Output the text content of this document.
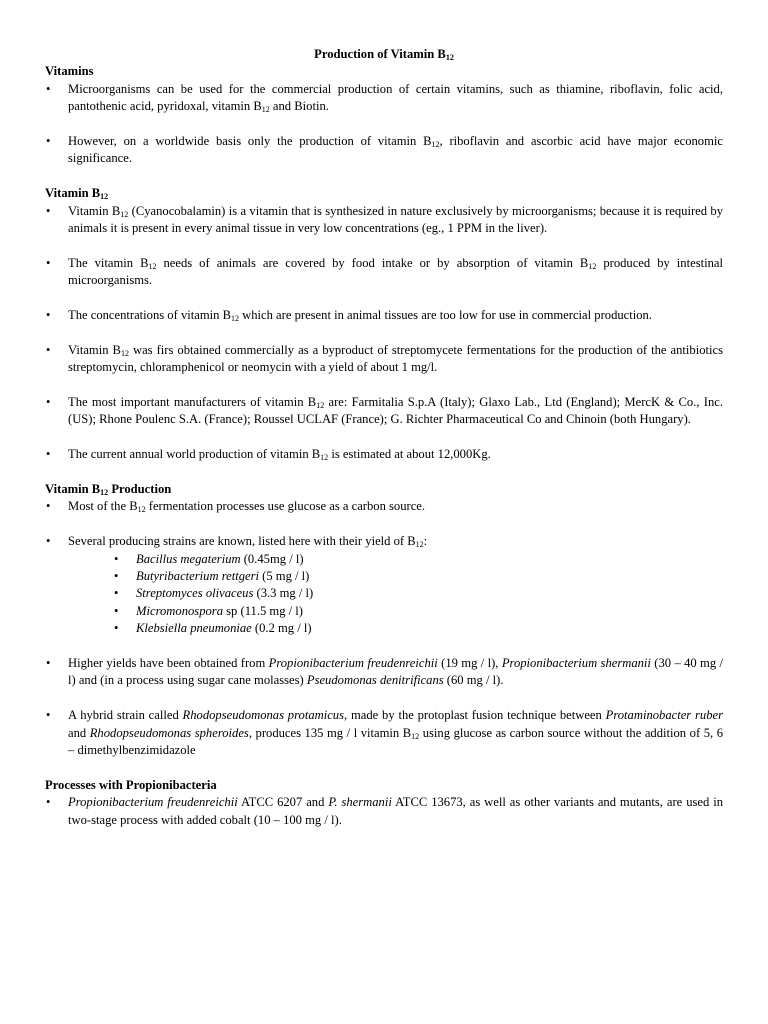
Production of Vitamin $B_{12}$

Vitamins
• Microorganisms can be used for the commercial production of certain vitamins, such as thiamine, riboflavin, folic acid, pantothenic acid, pyridoxal, vitamin $B_{12}$ and Biotin.
• However, on a worldwide basis only the production of vitamin $B_{12}$, riboflavin and ascorbic acid have major economic significance.
Vitamin $B_{12}$
• Vitamin $B_{12}$ (Cyanocobalamin) is a vitamin that is synthesized in nature exclusively by microorganisms; because it is required by animals it is present in every animal tissue in very low concentrations (eg., 1 PPM in the liver).
• The vitamin $B_{12}$ needs of animals are covered by food intake or by absorption of vitamin $B_{12}$ produced by intestinal microorganisms.
• The concentrations of vitamin $B_{12}$ which are present in animal tissues are too low for use in commercial production.
• Vitamin $B_{12}$ was firs obtained commercially as a byproduct of streptomycete fermentations for the production of the antibiotics streptomycin, chloramphenicol or neomycin with a yield of about 1 mg/l.
• The most important manufacturers of vitamin $B_{12}$ are: Farmitalia S.p.A (Italy); Glaxo Lab., Ltd (England); MercK & Co., Inc. (US); Rhone Poulenc S.A. (France); Roussel UCLAF (France); G. Richter Pharmaceutical Co and Chinoin (both Hungary).
• The current annual world production of vitamin $B_{12}$ is estimated at about 12,000Kg.
Vitamin $B_{12}$ Production
• Most of the $B_{12}$ fermentation processes use glucose as a carbon source.
• Several producing strains are known, listed here with their yield of $B_{12}$:
• Bacillus megaterium (0.45mg / l)
• Butyribacterium rettgeri (5 mg / l)
• Streptomyces olivaceus (3.3 mg / l)
• Micromonospora sp (11.5 mg / l)
• Klebsiella pneumoniae (0.2 mg / l)
• Higher yields have been obtained from Propionibacterium freudenreichii (19 mg / l), Propionibacterium shermanii (30 – 40 mg / l) and (in a process using sugar cane molasses) Pseudomonas denitrificans (60 mg / l).
• A hybrid strain called Rhodopseudomonas protamicus, made by the protoplast fusion technique between Protaminobacter ruber and Rhodopseudomonas spheroides, produces 135 mg / l vitamin $B_{12}$ using glucose as carbon source without the addition of 5, 6 – dimethylbenzimidazole
Processes with Propionibacteria
• Propionibacterium freudenreichii ATCC 6207 and P. shermanii ATCC 13673, as well as other variants and mutants, are used in two-stage process with added cobalt (10 – 100 mg / l).
